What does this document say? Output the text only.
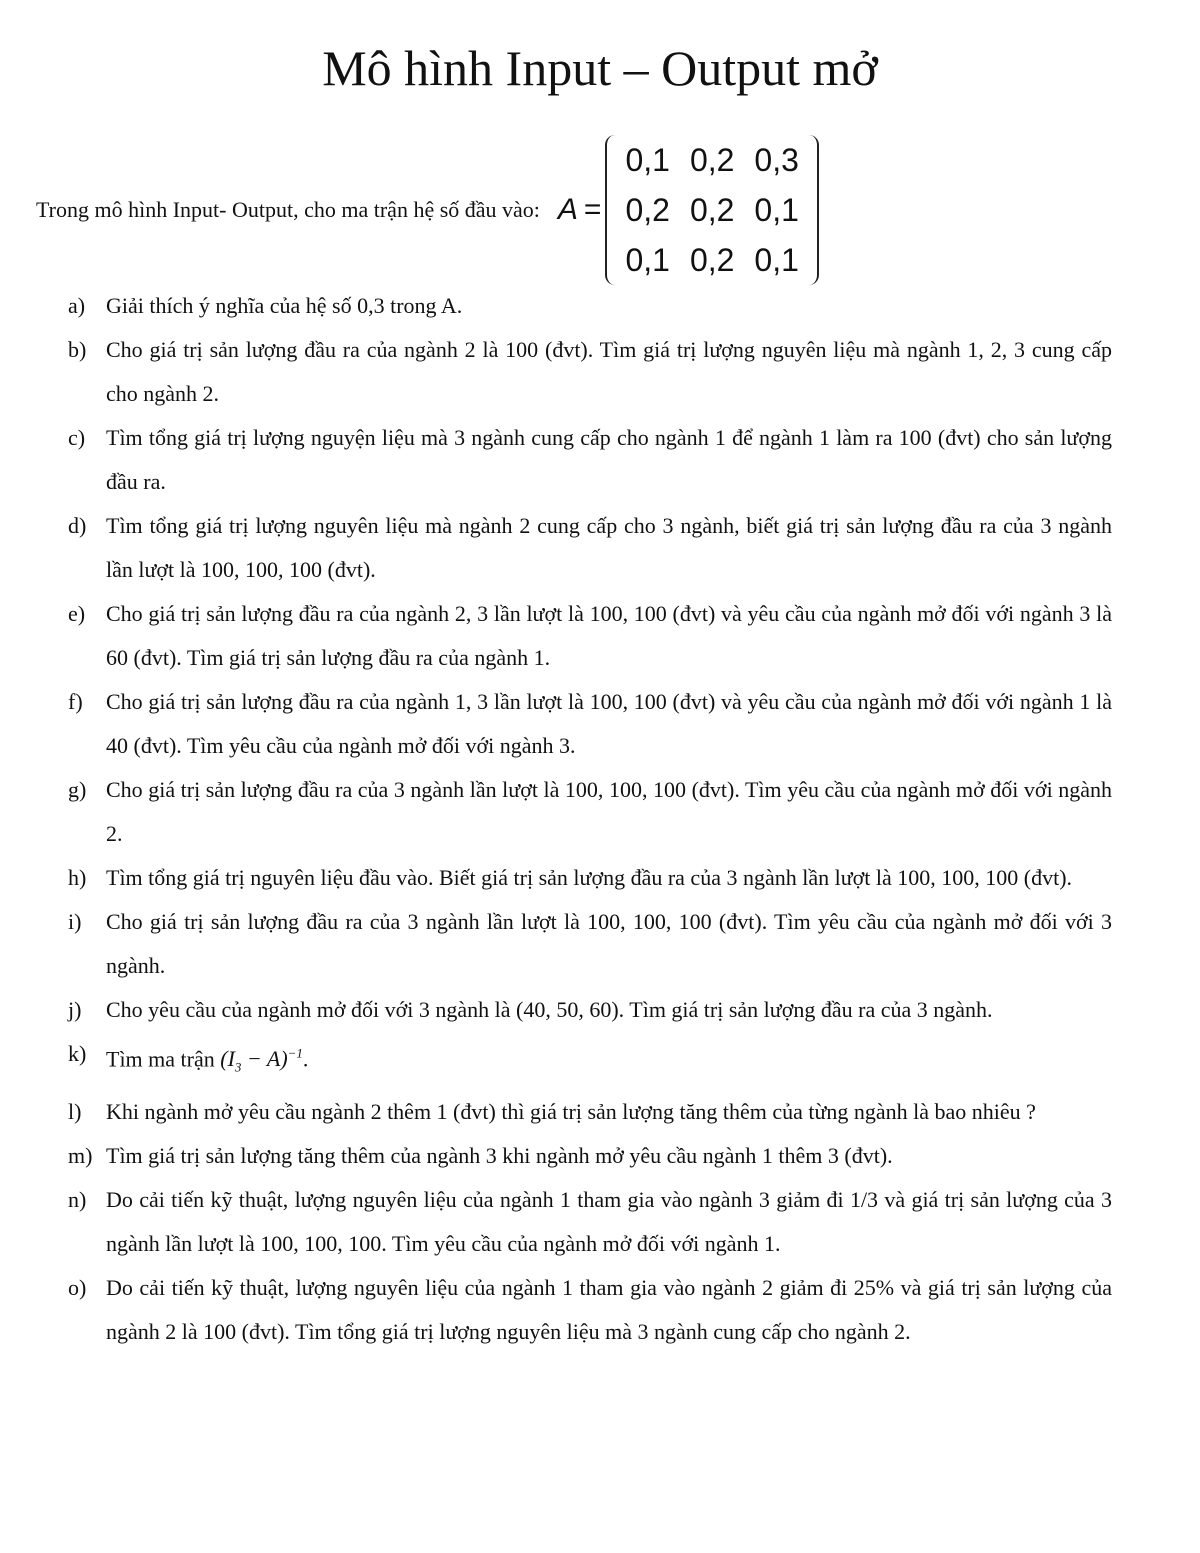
Mô hình Input – Output mở
Trong mô hình Input- Output, cho ma trận hệ số đầu vào: A =
0,1	0,2	0,3
0,2	0,2	0,1
0,1	0,2	0,1
a) Giải thích ý nghĩa của hệ số 0,3 trong A.
b) Cho giá trị sản lượng đầu ra của ngành 2 là 100 (đvt). Tìm giá trị lượng nguyên liệu mà ngành 1, 2, 3 cung cấp cho ngành 2.
c) Tìm tổng giá trị lượng nguyện liệu mà 3 ngành cung cấp cho ngành 1 để ngành 1 làm ra 100 (đvt) cho sản lượng đầu ra.
d) Tìm tổng giá trị lượng nguyên liệu mà ngành 2 cung cấp cho 3 ngành, biết giá trị sản lượng đầu ra của 3 ngành lần lượt là 100, 100, 100 (đvt).
e) Cho giá trị sản lượng đầu ra của ngành 2, 3 lần lượt là 100, 100 (đvt) và yêu cầu của ngành mở đối với ngành 3 là 60 (đvt). Tìm giá trị sản lượng đầu ra của ngành 1.
f)	Cho giá trị sản lượng đầu ra của ngành 1, 3 lần lượt là 100, 100 (đvt) và yêu cầu của ngành mở đối với ngành 1 là 40 (đvt). Tìm yêu cầu của ngành mở đối với ngành 3.
g) Cho giá trị sản lượng đầu ra của 3 ngành lần lượt là 100, 100, 100 (đvt). Tìm yêu cầu của ngành mở đối với ngành 2.
h) Tìm tổng giá trị nguyên liệu đầu vào. Biết giá trị sản lượng đầu ra của 3 ngành lần lượt là 100, 100, 100 (đvt).
i)	Cho giá trị sản lượng đầu ra của 3 ngành lần lượt là 100, 100, 100 (đvt). Tìm yêu cầu của ngành mở đối với 3 ngành.
j)	Cho yêu cầu của ngành mở đối với 3 ngành là (40, 50, 60). Tìm giá trị sản lượng đầu ra của 3 ngành.
k) Tìm ma trận $(I_3 - A)^{-1}$.
l)	Khi ngành mở yêu cầu ngành 2 thêm 1 (đvt) thì giá trị sản lượng tăng thêm của từng ngành là bao nhiêu ?
m) Tìm giá trị sản lượng tăng thêm của ngành 3 khi ngành mở yêu cầu ngành 1 thêm 3 (đvt).
n) Do cải tiến kỹ thuật, lượng nguyên liệu của ngành 1 tham gia vào ngành 3 giảm đi 1/3 và giá trị sản lượng của 3 ngành lần lượt là 100, 100, 100. Tìm yêu cầu của ngành mở đối với ngành 1.
o) Do cải tiến kỹ thuật, lượng nguyên liệu của ngành 1 tham gia vào ngành 2 giảm đi 25% và giá trị sản lượng của ngành 2 là 100 (đvt). Tìm tổng giá trị lượng nguyên liệu mà 3 ngành cung cấp cho ngành 2.
